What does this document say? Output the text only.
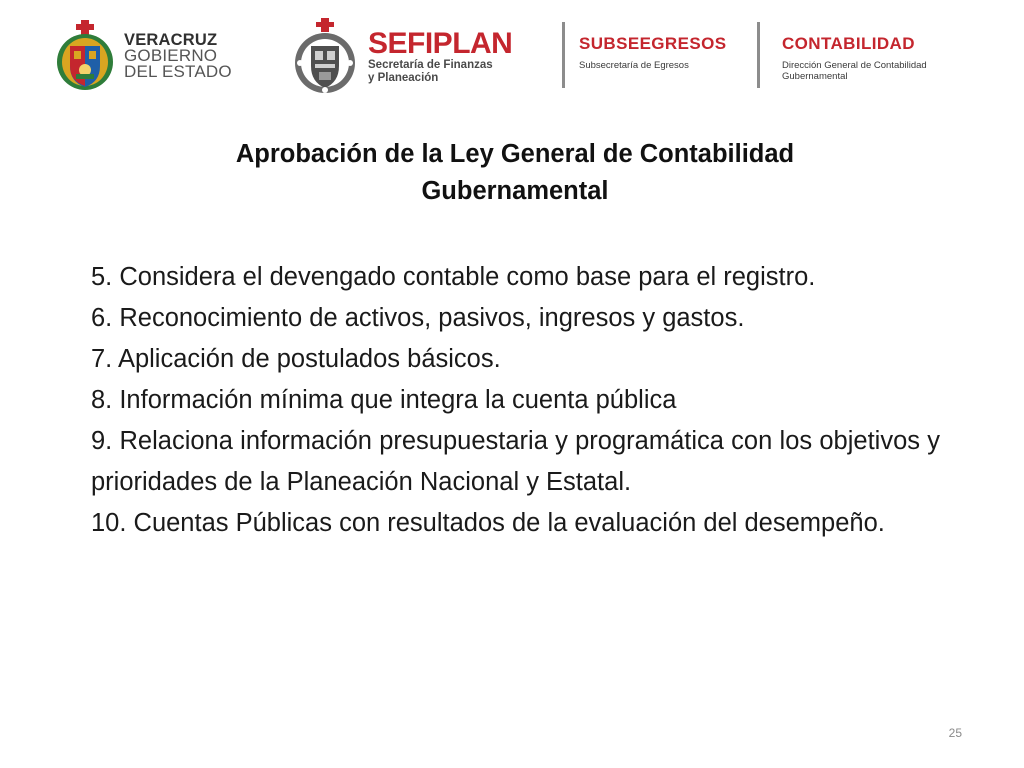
VERACRUZ
GOBIERNO
DEL ESTADO
SEFIPLAN
Secretaría de Finanzas
y Planeación
SUBSEEGRESOS
Subsecretaría de Egresos
CONTABILIDAD
Dirección General de Contabilidad
Gubernamental
Aprobación de la Ley General de Contabilidad
Gubernamental
5. Considera el devengado contable como base para el registro.
6. Reconocimiento de activos, pasivos, ingresos y gastos.
7. Aplicación de postulados básicos.
8. Información mínima que integra la cuenta pública
9. Relaciona información presupuestaria y programática con los objetivos y prioridades de la Planeación Nacional y Estatal.
10. Cuentas Públicas con resultados de la evaluación del desempeño.
25
